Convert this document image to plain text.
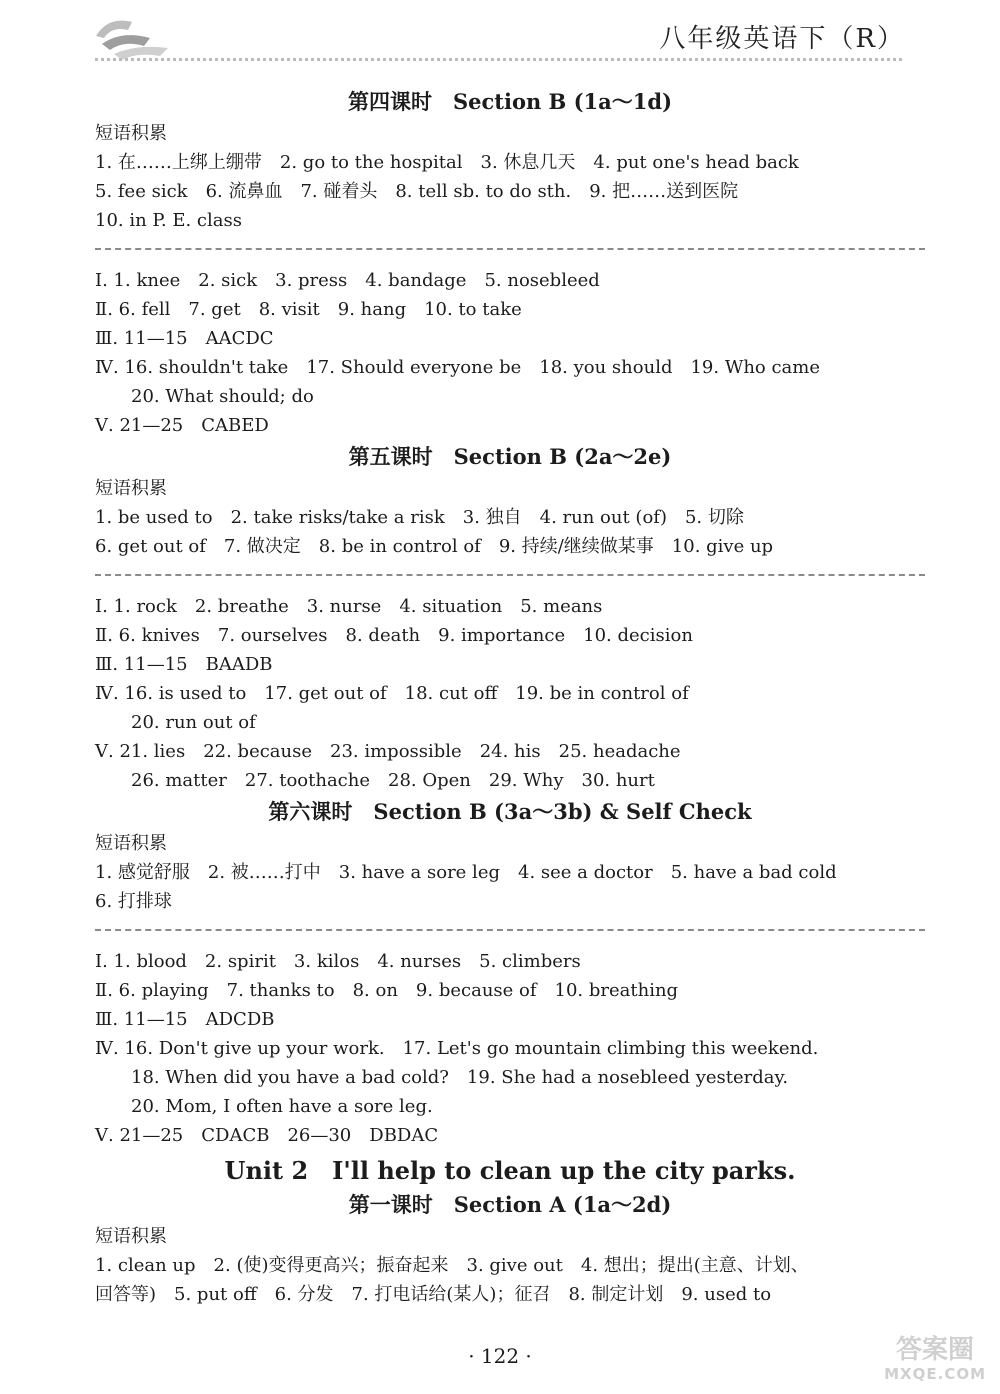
八年级英语下（R）
第四课时　Section B (1a～1d)
短语积累
1. 在……上绑上绷带　2. go to the hospital　3. 休息几天　4. put one's head back
5. fee sick　6. 流鼻血　7. 碰着头　8. tell sb. to do sth.　9. 把……送到医院
10. in P. E. class
Ⅰ. 1. knee　2. sick　3. press　4. bandage　5. nosebleed
Ⅱ. 6. fell　7. get　8. visit　9. hang　10. to take
Ⅲ. 11—15　AACDC
Ⅳ. 16. shouldn't take　17. Should everyone be　18. you should　19. Who came
20. What should; do
Ⅴ. 21—25　CABED
第五课时　Section B (2a～2e)
短语积累
1. be used to　2. take risks/take a risk　3. 独自　4. run out (of)　5. 切除
6. get out of　7. 做决定　8. be in control of　9. 持续/继续做某事　10. give up
Ⅰ. 1. rock　2. breathe　3. nurse　4. situation　5. means
Ⅱ. 6. knives　7. ourselves　8. death　9. importance　10. decision
Ⅲ. 11—15　BAADB
Ⅳ. 16. is used to　17. get out of　18. cut off　19. be in control of
20. run out of
Ⅴ. 21. lies　22. because　23. impossible　24. his　25. headache
26. matter　27. toothache　28. Open　29. Why　30. hurt
第六课时　Section B (3a～3b) & Self Check
短语积累
1. 感觉舒服　2. 被……打中　3. have a sore leg　4. see a doctor　5. have a bad cold
6. 打排球
Ⅰ. 1. blood　2. spirit　3. kilos　4. nurses　5. climbers
Ⅱ. 6. playing　7. thanks to　8. on　9. because of　10. breathing
Ⅲ. 11—15　ADCDB
Ⅳ. 16. Don't give up your work.　17. Let's go mountain climbing this weekend.
18. When did you have a bad cold?　19. She had a nosebleed yesterday.
20. Mom, I often have a sore leg.
Ⅴ. 21—25　CDACB　26—30　DBDAC
Unit 2　I'll help to clean up the city parks.
第一课时　Section A (1a～2d)
短语积累
1. clean up　2. (使)变得更高兴；振奋起来　3. give out　4. 想出；提出(主意、计划、
回答等)　5. put off　6. 分发　7. 打电话给(某人)；征召　8. 制定计划　9. used to
· 122 ·	答案圈
MXQE.COM
